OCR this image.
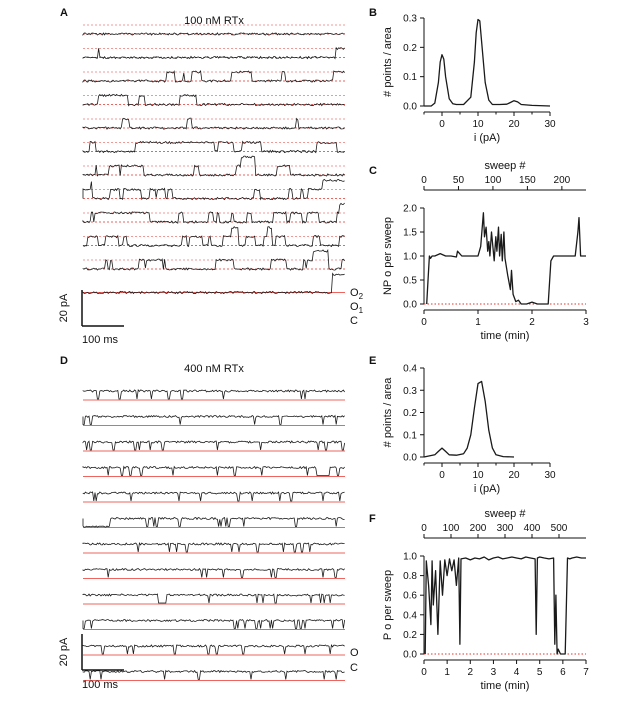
A
100 nM RTx
20 pA
100 ms
$O_2$
$O_1$
C
D
400 nM RTx
20 pA
100 ms
O
C
B
0.0
0.1
0.2
0.3
0	10 20 30
i (pA)
# points / area
C
0.0
0.5
1.0
1.5
2.0
0	1	2	3
time (min)
NP o per sweep
0	50 100 150 200
sweep #
E
0.0
0.1
0.2
0.3
0.4
0	10 20 30
i (pA)
# points / area
F
0.0
0.2
0.4
0.6
0.8
1.0
0 1 2 3 4 5 6 7
time (min)
P o per sweep
0 100 200 300 400 500
sweep #
